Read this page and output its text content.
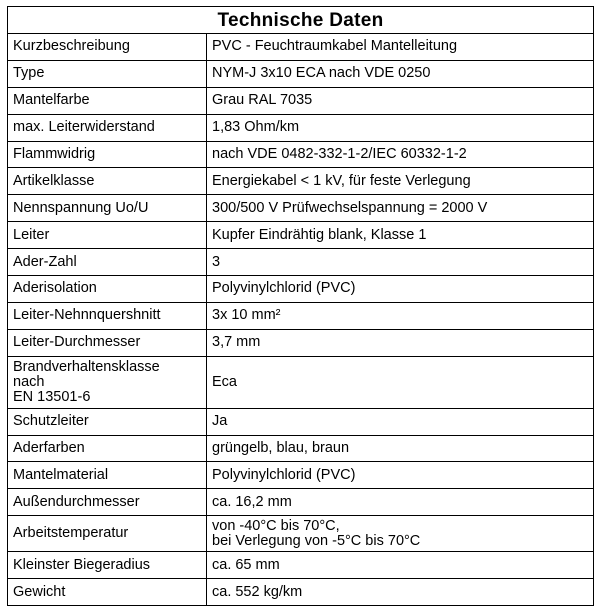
Technische Daten	
Kurzbeschreibung	PVC - Feuchtraumkabel Mantelleitung
Type	NYM-J 3x10 ECA nach VDE 0250
Mantelfarbe	Grau RAL 7035
max. Leiterwiderstand	1,83 Ohm/km
Flammwidrig	nach VDE 0482-332-1-2/IEC 60332-1-2
Artikelklasse	Energiekabel < 1 kV, für feste Verlegung
Nennspannung Uo/U	300/500 V Prüfwechselspannung = 2000 V
Leiter	Kupfer Eindrähtig blank, Klasse 1
Ader-Zahl	3
Aderisolation	Polyvinylchlorid (PVC)
Leiter-Nehnnquershnitt	3x 10 mm²
Leiter-Durchmesser	3,7 mm
Brandverhaltensklasse
nach
EN 13501-6	Eca
Schutzleiter	Ja
Aderfarben	grüngelb, blau, braun
Mantelmaterial	Polyvinylchlorid (PVC)
Außendurchmesser	ca. 16,2 mm
Arbeitstemperatur	von -40°C bis 70°C,
bei Verlegung von -5°C bis 70°C
Kleinster Biegeradius	ca. 65 mm
Gewicht	ca. 552 kg/km
